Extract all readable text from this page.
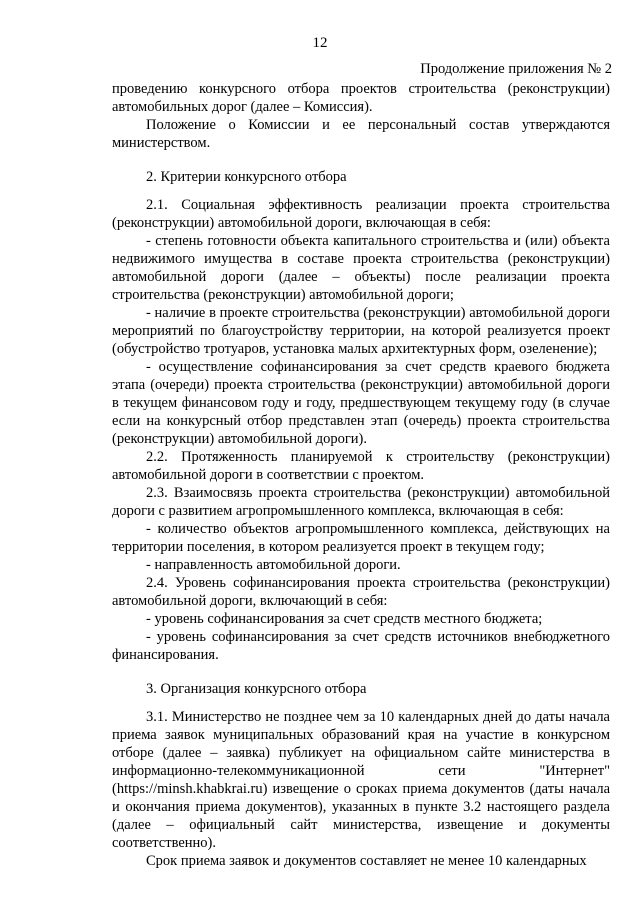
12
Продолжение приложения № 2

проведению конкурсного отбора проектов строительства (реконструкции) автомобильных дорог (далее – Комиссия).

Положение о Комиссии и ее персональный состав утверждаются министерством.

2. Критерии конкурсного отбора

2.1. Социальная эффективность реализации проекта строительства (реконструкции) автомобильной дороги, включающая в себя:

- степень готовности объекта капитального строительства и (или) объекта недвижимого имущества в составе проекта строительства (реконструкции) автомобильной дороги (далее – объекты) после реализации проекта строительства (реконструкции) автомобильной дороги;

- наличие в проекте строительства (реконструкции) автомобильной дороги мероприятий по благоустройству территории, на которой реализуется проект (обустройство тротуаров, установка малых архитектурных форм, озеленение);

- осуществление софинансирования за счет средств краевого бюджета этапа (очереди) проекта строительства (реконструкции) автомобильной дороги в текущем финансовом году и году, предшествующем текущему году (в случае если на конкурсный отбор представлен этап (очередь) проекта строительства (реконструкции) автомобильной дороги).

2.2. Протяженность планируемой к строительству (реконструкции) автомобильной дороги в соответствии с проектом.

2.3. Взаимосвязь проекта строительства (реконструкции) автомобильной дороги с развитием агропромышленного комплекса, включающая в себя:

- количество объектов агропромышленного комплекса, действующих на территории поселения, в котором реализуется проект в текущем году;

- направленность автомобильной дороги.

2.4. Уровень софинансирования проекта строительства (реконструкции) автомобильной дороги, включающий в себя:

- уровень софинансирования за счет средств местного бюджета;

- уровень софинансирования за счет средств источников внебюджетного финансирования.

3. Организация конкурсного отбора

3.1. Министерство не позднее чем за 10 календарных дней до даты начала приема заявок муниципальных образований края на участие в конкурсном отборе (далее – заявка) публикует на официальном сайте министерства в информационно-телекоммуникационной сети "Интернет" (https://minsh.khabkrai.ru) извещение о сроках приема документов (даты начала и окончания приема документов), указанных в пункте 3.2 настоящего раздела (далее – официальный сайт министерства, извещение и документы соответственно).

Срок приема заявок и документов составляет не менее 10 календарных
